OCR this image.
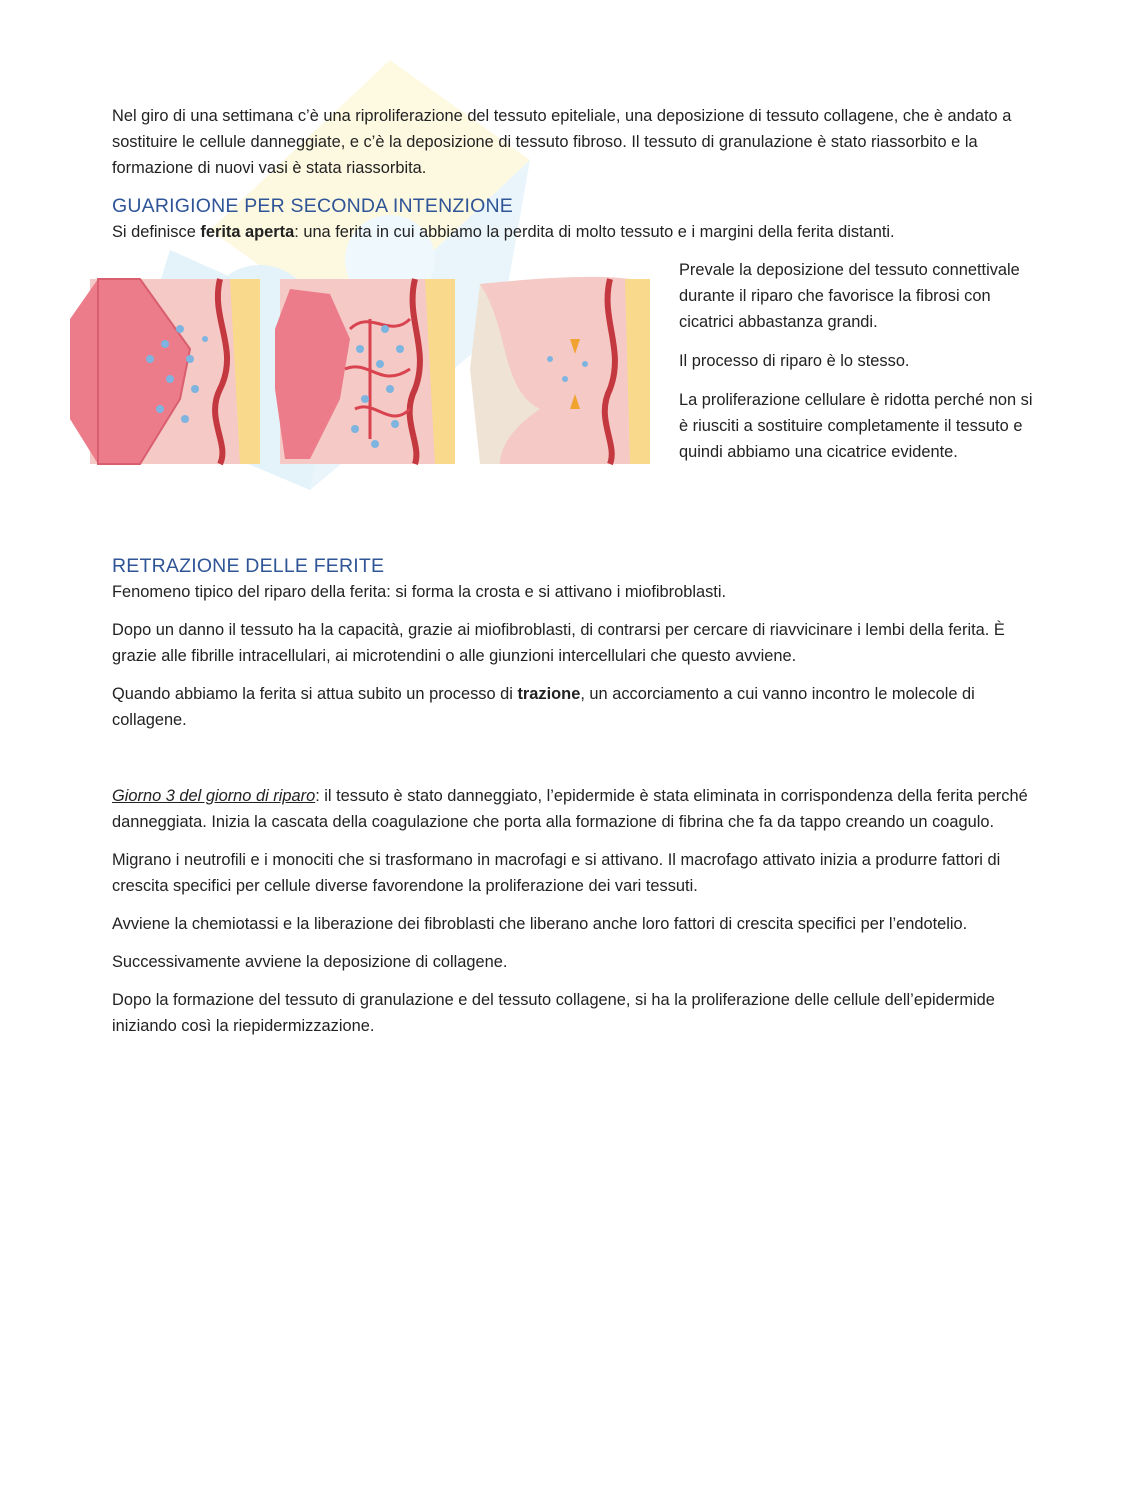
Nel giro di una settimana c’è una riproliferazione del tessuto epiteliale, una deposizione di tessuto collagene, che è andato a sostituire le cellule danneggiate, e c’è la deposizione di tessuto fibroso. Il tessuto di granulazione è stato riassorbito e la formazione di nuovi vasi è stata riassorbita.

GUARIGIONE PER SECONDA INTENZIONE

Si definisce ferita aperta: una ferita in cui abbiamo la perdita di molto tessuto e i margini della ferita distanti.

Prevale la deposizione del tessuto connettivale durante il riparo che favorisce la fibrosi con cicatrici abbastanza grandi.

Il processo di riparo è lo stesso.

La proliferazione cellulare è ridotta perché non si è riusciti a sostituire completamente il tessuto e quindi abbiamo una cicatrice evidente.

RETRAZIONE DELLE FERITE

Fenomeno tipico del riparo della ferita: si forma la crosta e si attivano i miofibroblasti.

Dopo un danno il tessuto ha la capacità, grazie ai miofibroblasti, di contrarsi per cercare di riavvicinare i lembi della ferita. È grazie alle fibrille intracellulari, ai microtendini o alle giunzioni intercellulari che questo avviene.

Quando abbiamo la ferita si attua subito un processo di trazione, un accorciamento a cui vanno incontro le molecole di collagene.

Giorno 3 del giorno di riparo: il tessuto è stato danneggiato, l’epidermide è stata eliminata in corrispondenza della ferita perché danneggiata. Inizia la cascata della coagulazione che porta alla formazione di fibrina che fa da tappo creando un coagulo.

Migrano i neutrofili e i monociti che si trasformano in macrofagi e si attivano. Il macrofago attivato inizia a produrre fattori di crescita specifici per cellule diverse favorendone la proliferazione dei vari tessuti.

Avviene la chemiotassi e la liberazione dei fibroblasti che liberano anche loro fattori di crescita specifici per l’endotelio.

Successivamente avviene la deposizione di collagene.

Dopo la formazione del tessuto di granulazione e del tessuto collagene, si ha la proliferazione delle cellule dell’epidermide iniziando così la riepidermizzazione.
